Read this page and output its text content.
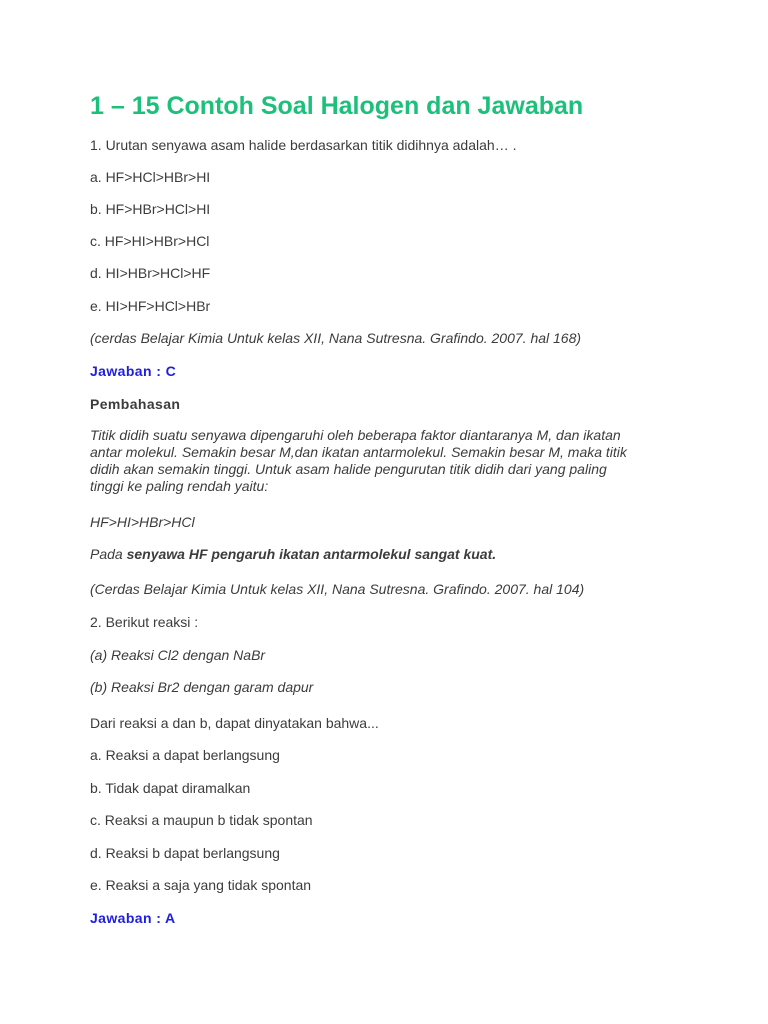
1 – 15 Contoh Soal Halogen dan Jawaban

1. Urutan senyawa asam halide berdasarkan titik didihnya adalah… .

a. HF>HCl>HBr>HI

b. HF>HBr>HCl>HI

c. HF>HI>HBr>HCl

d. HI>HBr>HCl>HF

e. HI>HF>HCl>HBr

(cerdas Belajar Kimia Untuk kelas XII, Nana Sutresna. Grafindo. 2007. hal 168)

Jawaban : C

Pembahasan

Titik didih suatu senyawa dipengaruhi oleh beberapa faktor diantaranya M, dan ikatan
antar molekul. Semakin besar M,dan ikatan antarmolekul. Semakin besar M, maka titik
didih akan semakin tinggi. Untuk asam halide pengurutan titik didih dari yang paling
tinggi ke paling rendah yaitu:

HF>HI>HBr>HCl

Pada senyawa HF pengaruh ikatan antarmolekul sangat kuat.

(Cerdas Belajar Kimia Untuk kelas XII, Nana Sutresna. Grafindo. 2007. hal 104)

2. Berikut reaksi :

(a) Reaksi Cl2 dengan NaBr

(b) Reaksi Br2 dengan garam dapur

Dari reaksi a dan b, dapat dinyatakan bahwa...

a. Reaksi a dapat berlangsung

b. Tidak dapat diramalkan

c. Reaksi a maupun b tidak spontan

d. Reaksi b dapat berlangsung

e. Reaksi a saja yang tidak spontan

Jawaban : A
